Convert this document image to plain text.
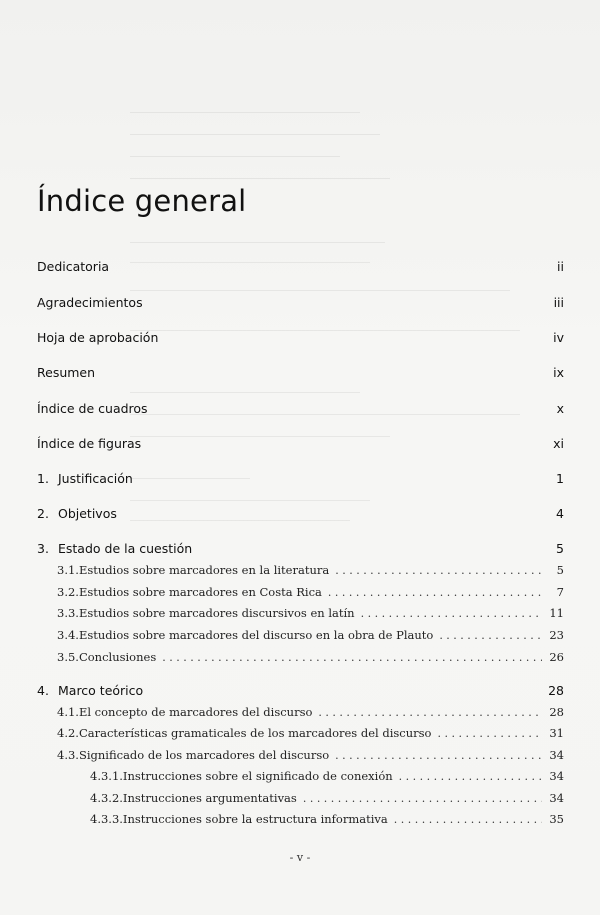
Índice general
Dedicatoria	ii
Agradecimientos	iii
Hoja de aprobación	iv
Resumen	ix
Índice de cuadros	x
Índice de figuras	xi
1. Justificación	1
2. Objetivos	4
3. Estado de la cuestión	5
3.1. Estudios sobre marcadores en la literatura . . .	5
3.2. Estudios sobre marcadores en Costa Rica . . .	7
3.3. Estudios sobre marcadores discursivos en latín . . .	11
3.4. Estudios sobre marcadores del discurso en la obra de Plauto . . .	23
3.5. Conclusiones . . .	26
4. Marco teórico	28
4.1. El concepto de marcadores del discurso . . .	28
4.2. Características gramaticales de los marcadores del discurso . . .	31
4.3. Significado de los marcadores del discurso . . .	34
4.3.1. Instrucciones sobre el significado de conexión . . .	34
4.3.2. Instrucciones argumentativas . . .	34
4.3.3. Instrucciones sobre la estructura informativa . . .	35
- v -
